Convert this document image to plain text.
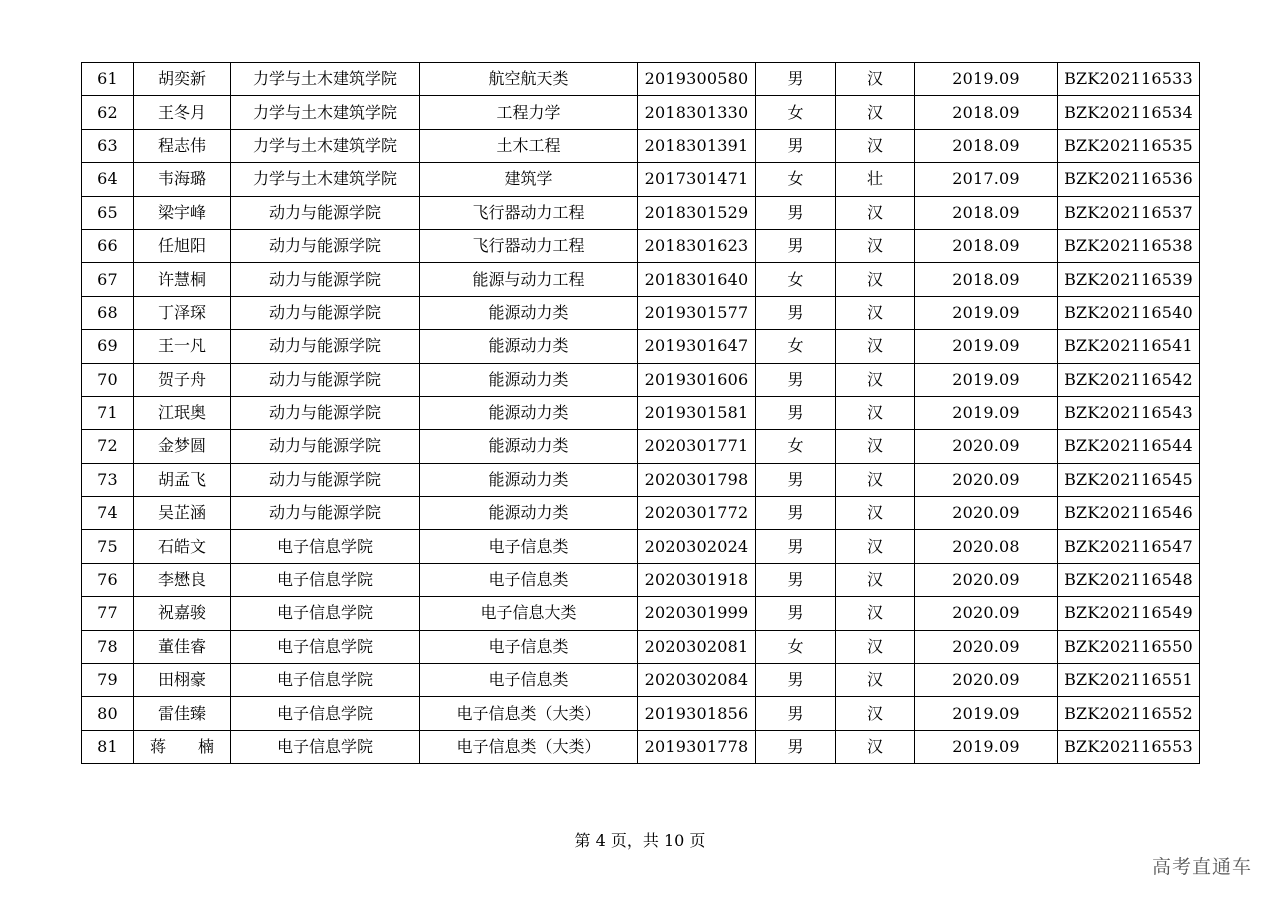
61	胡奕新	力学与土木建筑学院	航空航天类	2019300580	男	汉	2019.09	BZK202116533
62	王冬月	力学与土木建筑学院	工程力学	2018301330	女	汉	2018.09	BZK202116534
63	程志伟	力学与土木建筑学院	土木工程	2018301391	男	汉	2018.09	BZK202116535
64	韦海璐	力学与土木建筑学院	建筑学	2017301471	女	壮	2017.09	BZK202116536
65	梁宇峰	动力与能源学院	飞行器动力工程	2018301529	男	汉	2018.09	BZK202116537
66	任旭阳	动力与能源学院	飞行器动力工程	2018301623	男	汉	2018.09	BZK202116538
67	许慧桐	动力与能源学院	能源与动力工程	2018301640	女	汉	2018.09	BZK202116539
68	丁泽琛	动力与能源学院	能源动力类	2019301577	男	汉	2019.09	BZK202116540
69	王一凡	动力与能源学院	能源动力类	2019301647	女	汉	2019.09	BZK202116541
70	贺子舟	动力与能源学院	能源动力类	2019301606	男	汉	2019.09	BZK202116542
71	江珉奥	动力与能源学院	能源动力类	2019301581	男	汉	2019.09	BZK202116543
72	金梦圆	动力与能源学院	能源动力类	2020301771	女	汉	2020.09	BZK202116544
73	胡孟飞	动力与能源学院	能源动力类	2020301798	男	汉	2020.09	BZK202116545
74	吴芷涵	动力与能源学院	能源动力类	2020301772	男	汉	2020.09	BZK202116546
75	石皓文	电子信息学院	电子信息类	2020302024	男	汉	2020.08	BZK202116547
76	李懋良	电子信息学院	电子信息类	2020301918	男	汉	2020.09	BZK202116548
77	祝嘉骏	电子信息学院	电子信息大类	2020301999	男	汉	2020.09	BZK202116549
78	董佳睿	电子信息学院	电子信息类	2020302081	女	汉	2020.09	BZK202116550
79	田栩豪	电子信息学院	电子信息类	2020302084	男	汉	2020.09	BZK202116551
80	雷佳臻	电子信息学院	电子信息类（大类）	2019301856	男	汉	2019.09	BZK202116552
81	蒋　　楠	电子信息学院	电子信息类（大类）	2019301778	男	汉	2019.09	BZK202116553
第 4 页，共 10 页
高考直通车
